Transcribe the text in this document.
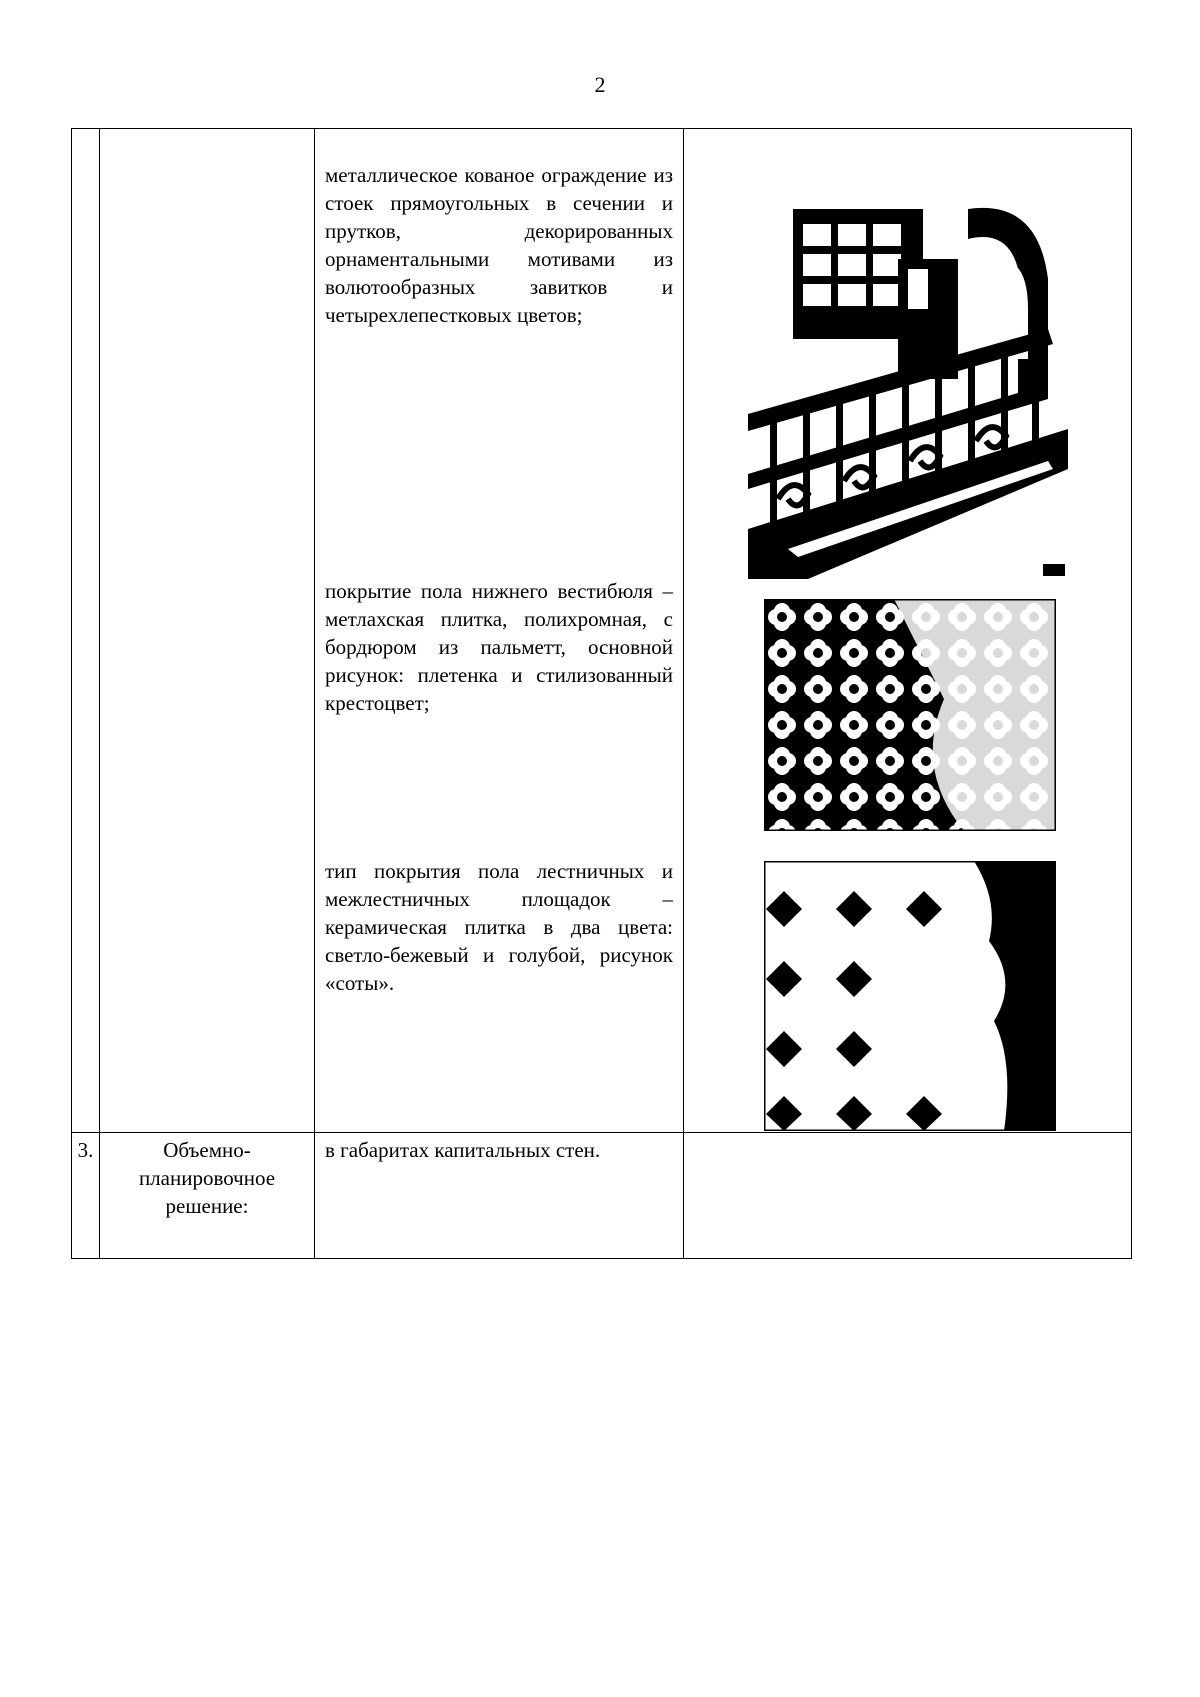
2

		металлическое кованое ограждение из стоек прямоугольных в сечении и прутков, декорированных орнаментальными мотивами из волютообразных завитков и четырехлепестковых цветов;
покрытие пола нижнего вестибюля – метлахская плитка, полихромная, с бордюром из пальметт, основной рисунок: плетенка и стилизованный крестоцвет;
тип покрытия пола лестничных и межлестничных площадок – керамическая плитка в два цвета: светло-бежевый и голубой, рисунок «соты».

3.	Объемно-планировочное решение:	в габаритах капитальных стен.	
